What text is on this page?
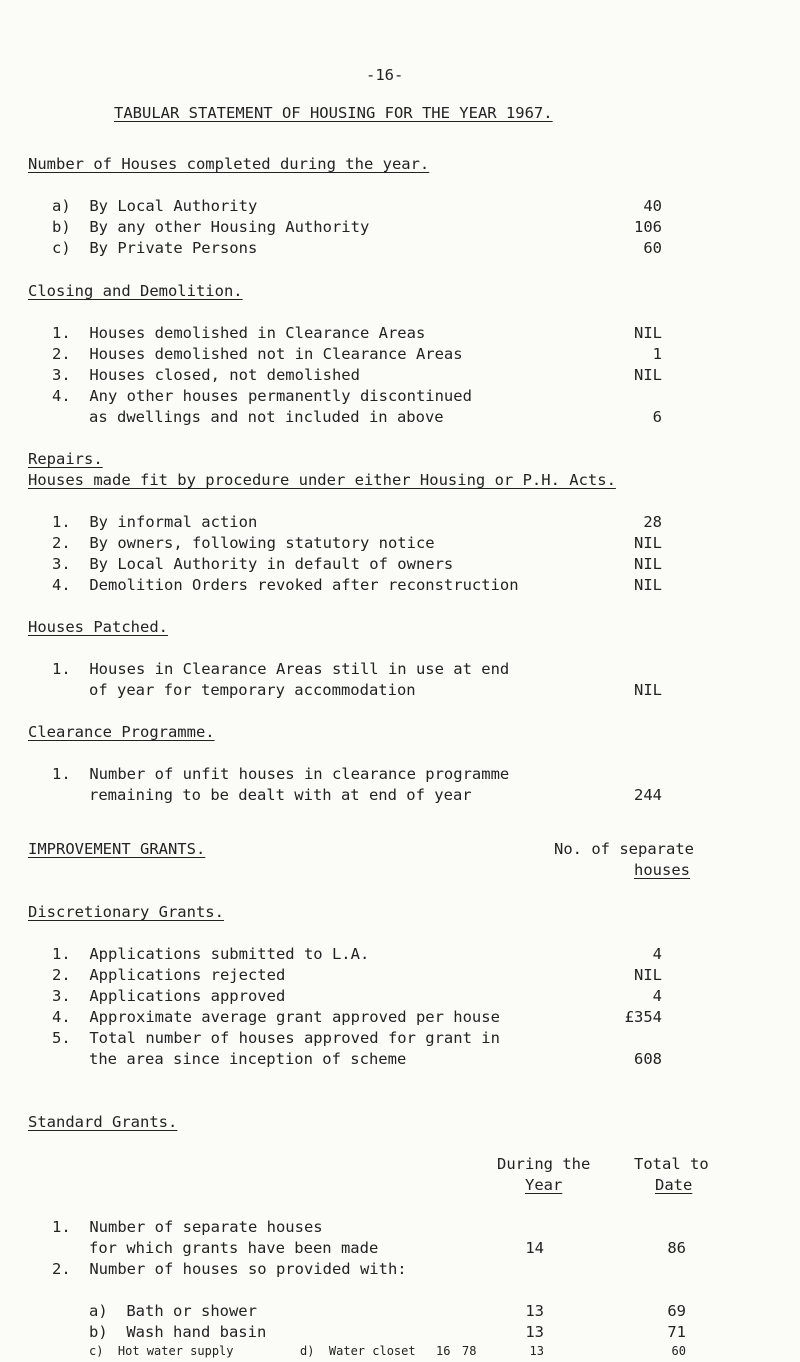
-16-
TABULAR STATEMENT OF HOUSING FOR THE YEAR 1967.
Number of Houses completed during the year.
a)  By Local Authority	40
b)  By any other Housing Authority	106
c)  By Private Persons	60
Closing and Demolition.
1.  Houses demolished in Clearance Areas	NIL
2.  Houses demolished not in Clearance Areas	1
3.  Houses closed, not demolished	NIL
4.  Any other houses permanently discontinued
as dwellings and not included in above	6
Repairs.
Houses made fit by procedure under either Housing or P.H. Acts.
1.  By informal action	28
2.  By owners, following statutory notice	NIL
3.  By Local Authority in default of owners	NIL
4.  Demolition Orders revoked after reconstruction	NIL
Houses Patched.
1.  Houses in Clearance Areas still in use at end
of year for temporary accommodation	NIL
Clearance Programme.
1.  Number of unfit houses in clearance programme
remaining to be dealt with at end of year	244
IMPROVEMENT GRANTS.	No. of separate
houses
Discretionary Grants.
1.  Applications submitted to L.A.	4
2.  Applications rejected	NIL
3.  Applications approved	4
4.  Approximate average grant approved per house	£354
5.  Total number of houses approved for grant in
the area since inception of scheme	608
Standard Grants.
During the
Year
Total to
Date
1.  Number of separate houses
for which grants have been made	14	86
2.  Number of houses so provided with:
a)  Bath or shower	13	69
b)  Wash hand basin	13	71
c)  Hot water supply	13	60
d)  Water closet 16 78
